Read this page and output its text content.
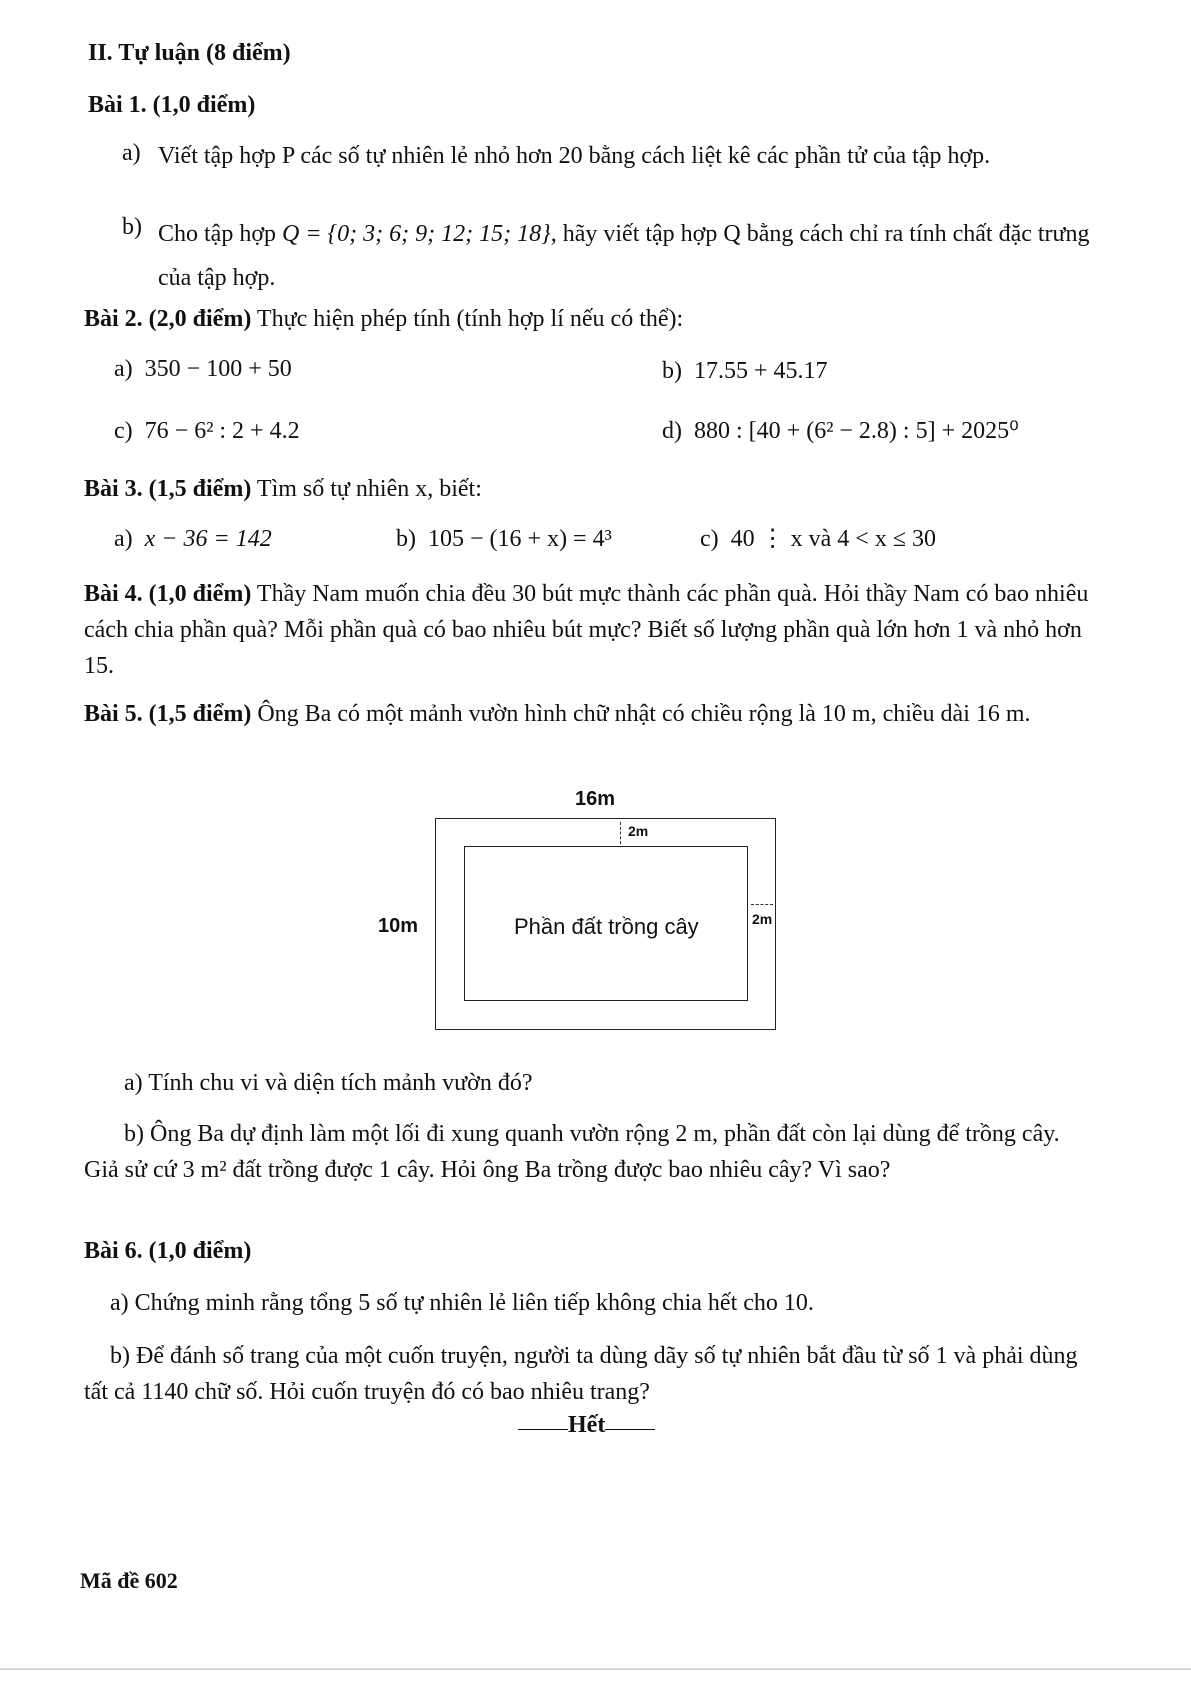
II. Tự luận (8 điểm)
Bài 1. (1,0 điểm)
a) Viết tập hợp P các số tự nhiên lẻ nhỏ hơn 20 bằng cách liệt kê các phần tử của tập hợp.
b) Cho tập hợp Q = {0; 3; 6; 9; 12; 15; 18}, hãy viết tập hợp Q bằng cách chỉ ra tính chất đặc trưng của tập hợp.
Bài 2. (2,0 điểm) Thực hiện phép tính (tính hợp lí nếu có thể):
a) 350 − 100 + 50	b) 17.55 + 45.17
c) 76 − 6² : 2 + 4.2	d) 880 : [40 + (6² − 2.8) : 5] + 2025⁰
Bài 3. (1,5 điểm) Tìm số tự nhiên x, biết:
a) x − 36 = 142	b) 105 − (16 + x) = 4³	c) 40 ⋮ x và 4 < x ≤ 30
Bài 4. (1,0 điểm) Thầy Nam muốn chia đều 30 bút mực thành các phần quà. Hỏi thầy Nam có bao nhiêu cách chia phần quà? Mỗi phần quà có bao nhiêu bút mực? Biết số lượng phần quà lớn hơn 1 và nhỏ hơn 15.
Bài 5. (1,5 điểm) Ông Ba có một mảnh vườn hình chữ nhật có chiều rộng là 10 m, chiều dài 16 m.
16m
10m
2m
2m
Phần đất trồng cây
a) Tính chu vi và diện tích mảnh vườn đó?
b) Ông Ba dự định làm một lối đi xung quanh vườn rộng 2 m, phần đất còn lại dùng để trồng cây. Giả sử cứ 3 m² đất trồng được 1 cây. Hỏi ông Ba trồng được bao nhiêu cây? Vì sao?
Bài 6. (1,0 điểm)
a) Chứng minh rằng tổng 5 số tự nhiên lẻ liên tiếp không chia hết cho 10.
b) Để đánh số trang của một cuốn truyện, người ta dùng dãy số tự nhiên bắt đầu từ số 1 và phải dùng tất cả 1140 chữ số. Hỏi cuốn truyện đó có bao nhiêu trang?
Hết
Mã đề 602
